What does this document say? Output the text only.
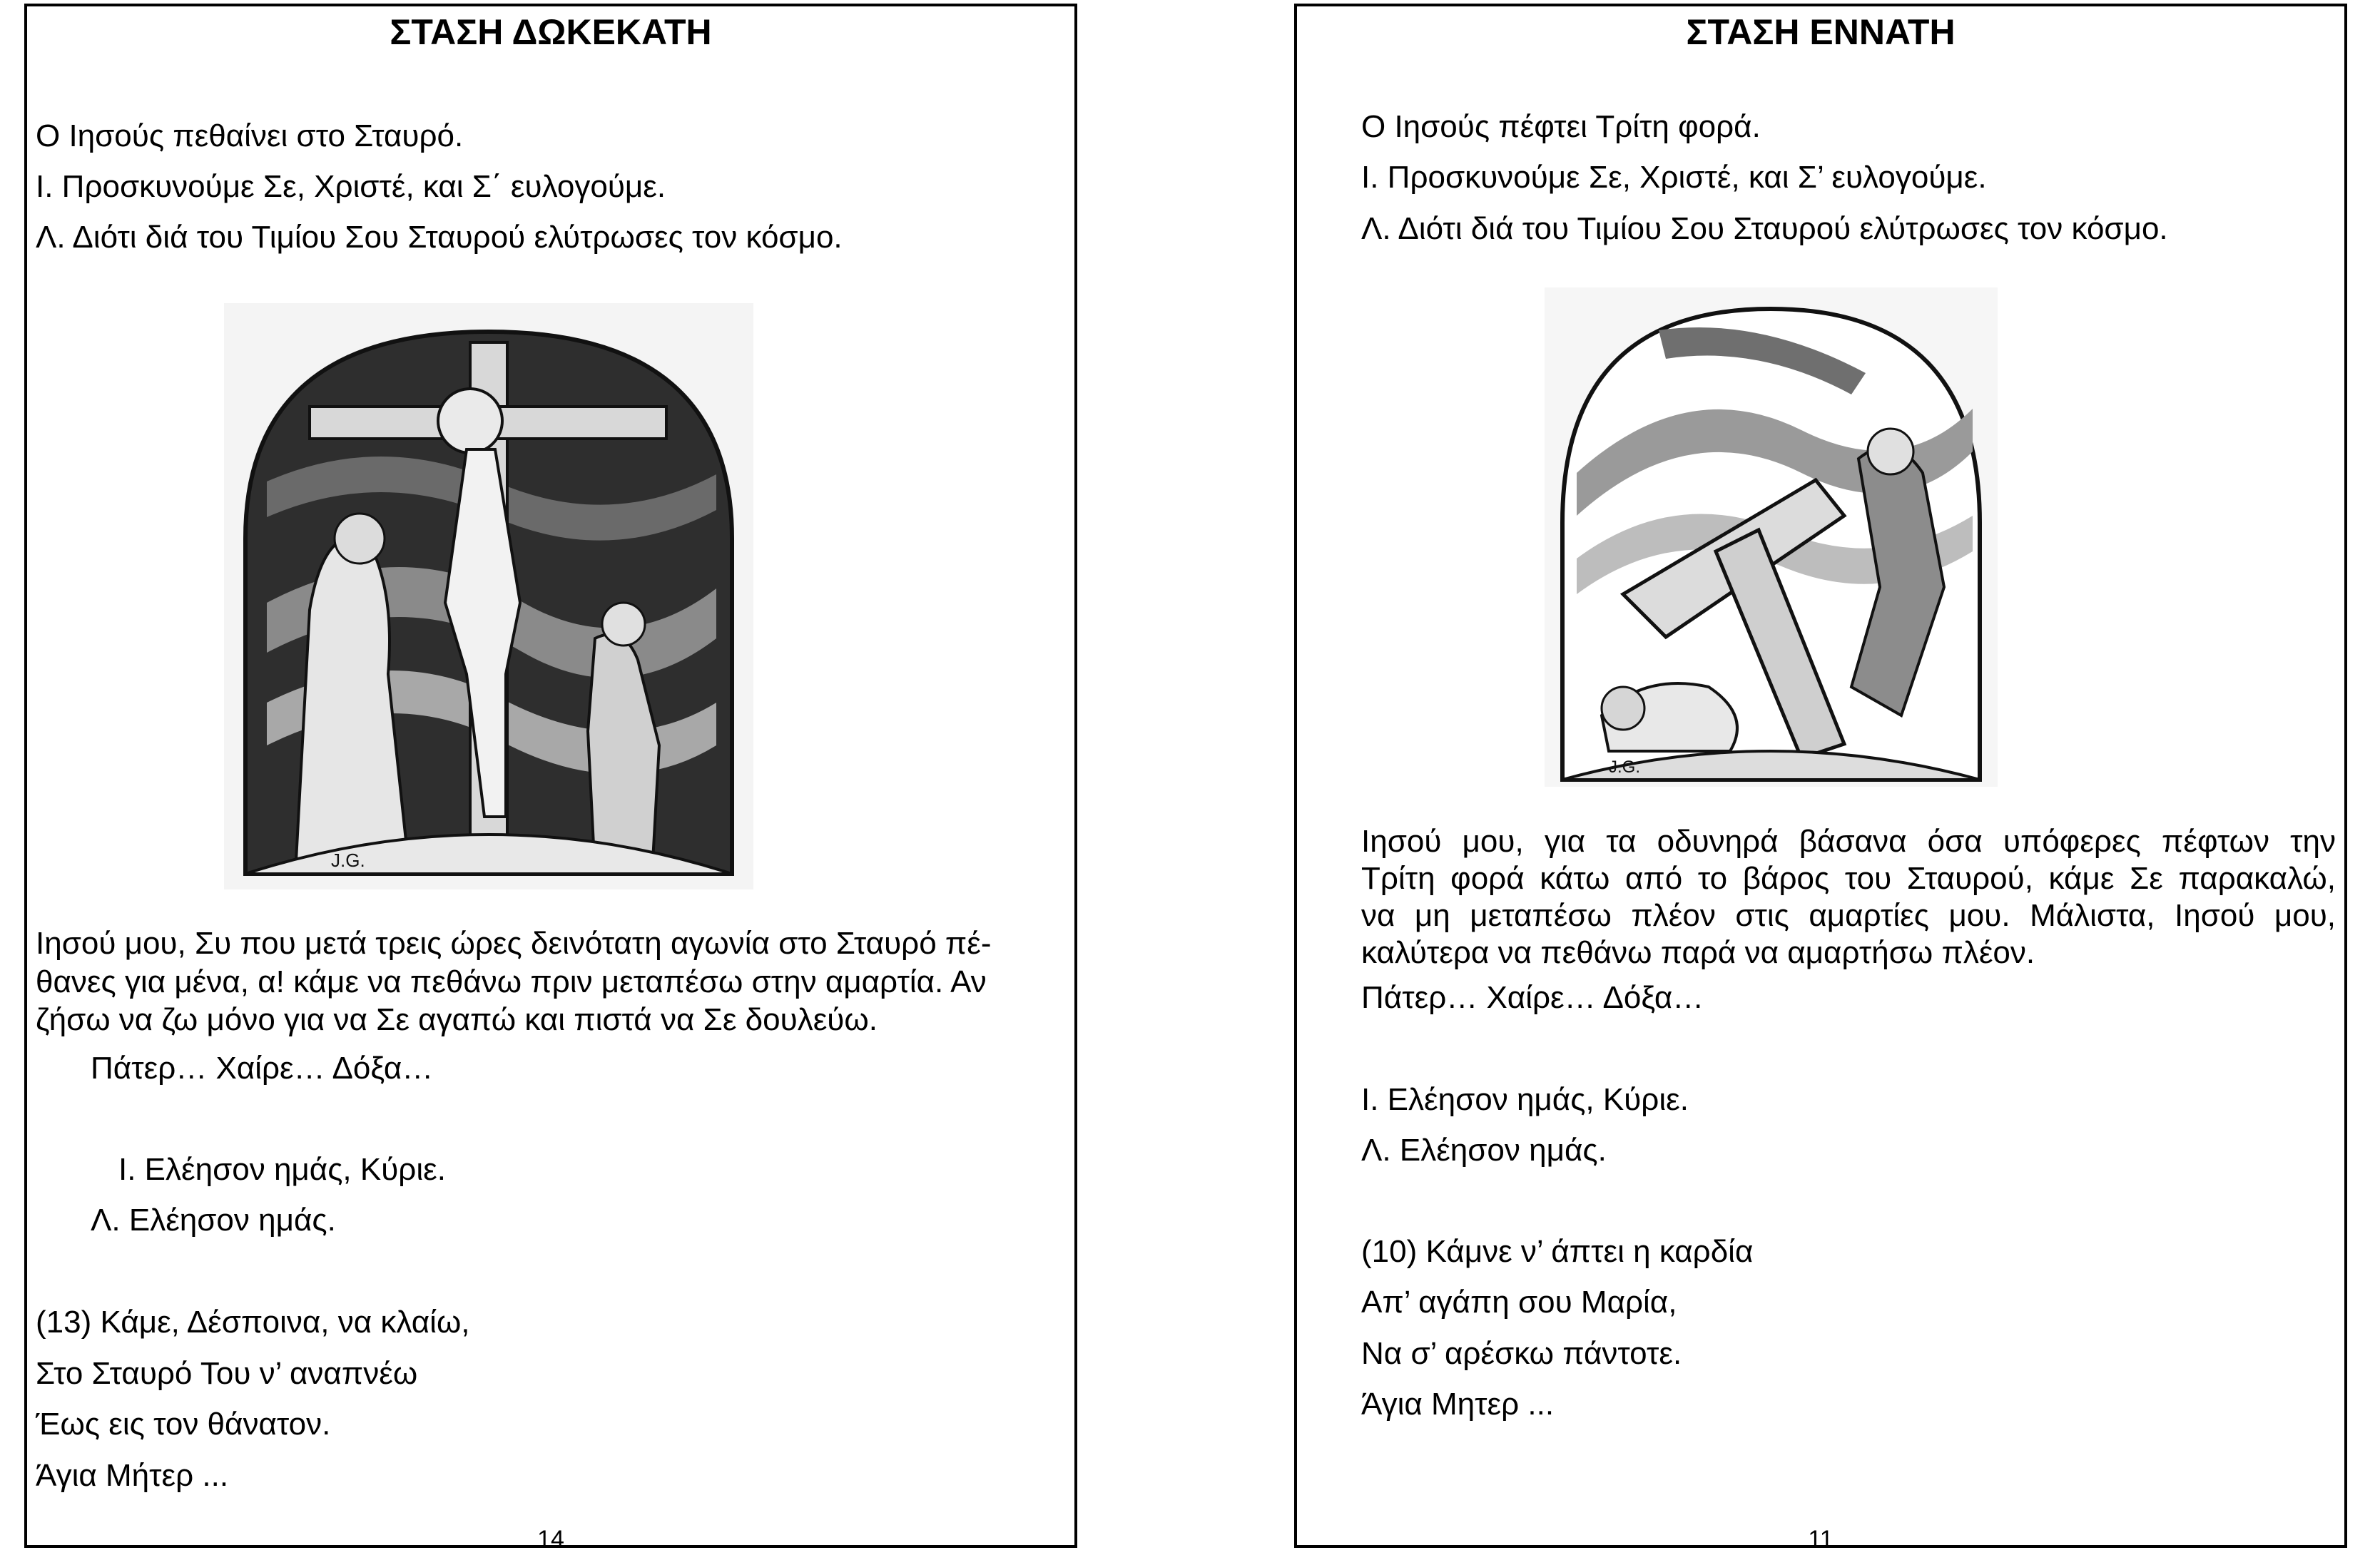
ΣΤΑΣΗ ΔΩΚΕΚΑΤΗ
Ο Ιησούς πεθαίνει στο Σταυρό.
Ι. Προσκυνούμε Σε, Χριστέ, και Σ΄ ευλογούμε.
Λ. Διότι διά του Τιμίου Σου Σταυρού ελύτρωσες τον κόσμο.
J.G.
Ιησού μου, Συ που μετά τρεις ώρες δεινότατη αγωνία στο Σταυρό πέ-
θανες για μένα, α! κάμε να πεθάνω πριν μεταπέσω στην αμαρτία. Αν
ζήσω να ζω μόνο για να Σε αγαπώ και πιστά να Σε δουλεύω.
Πάτερ… Χαίρε… Δόξα…
Ι. Ελέησον ημάς, Κύριε.
Λ. Ελέησον ημάς.
(13) Κάμε, Δέσποινα, να κλαίω,
Στο Σταυρό Του ν’ αναπνέω
Έως εις τον θάνατον.
Άγια Μήτερ ...
14
ΣΤΑΣΗ ΕΝΝΑΤΗ
Ο Ιησούς πέφτει Τρίτη φορά.
Ι. Προσκυνούμε Σε, Χριστέ, και Σ’ ευλογούμε.
Λ. Διότι διά του Τιμίου Σου Σταυρού ελύτρωσες τον κόσμο.
J.G.
Ιησού μου, για τα οδυνηρά βάσανα όσα υπόφερες πέφτων την
Τρίτη φορά κάτω από το βάρος του Σταυρού, κάμε Σε παρακαλώ,
να μη μεταπέσω πλέον στις αμαρτίες μου. Μάλιστα, Ιησού μου,
καλύτερα να πεθάνω παρά να αμαρτήσω πλέον.
Πάτερ… Χαίρε… Δόξα…
Ι. Ελέησον ημάς, Κύριε.
Λ. Ελέησον ημάς.
(10) Κάμνε ν’ άπτει η καρδία
Απ’ αγάπη σου Μαρία,
Να σ’ αρέσκω πάντοτε.
Άγια Μητερ ...
11
